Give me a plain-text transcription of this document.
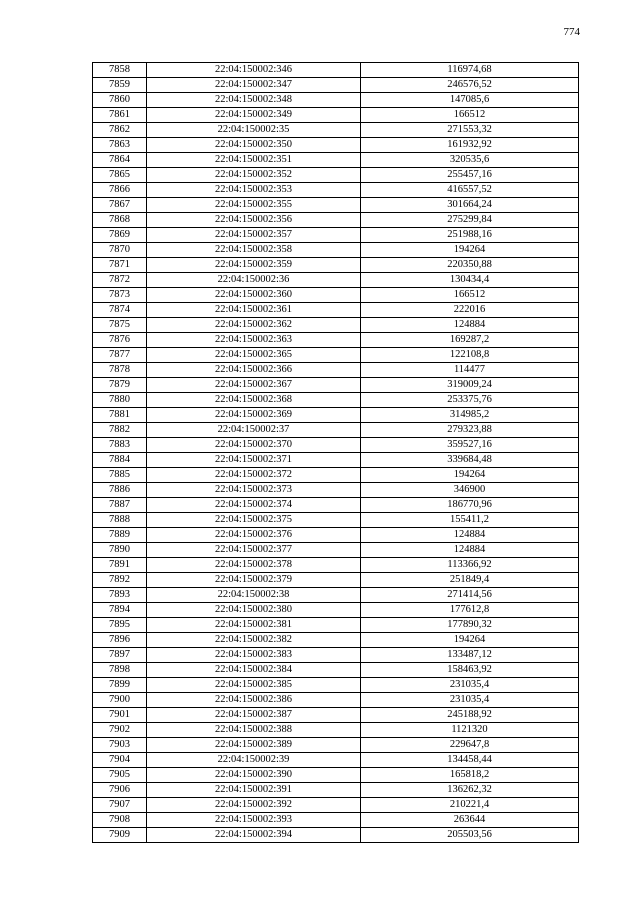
774
7858	22:04:150002:346	116974,68
7859	22:04:150002:347	246576,52
7860	22:04:150002:348	147085,6
7861	22:04:150002:349	166512
7862	22:04:150002:35	271553,32
7863	22:04:150002:350	161932,92
7864	22:04:150002:351	320535,6
7865	22:04:150002:352	255457,16
7866	22:04:150002:353	416557,52
7867	22:04:150002:355	301664,24
7868	22:04:150002:356	275299,84
7869	22:04:150002:357	251988,16
7870	22:04:150002:358	194264
7871	22:04:150002:359	220350,88
7872	22:04:150002:36	130434,4
7873	22:04:150002:360	166512
7874	22:04:150002:361	222016
7875	22:04:150002:362	124884
7876	22:04:150002:363	169287,2
7877	22:04:150002:365	122108,8
7878	22:04:150002:366	114477
7879	22:04:150002:367	319009,24
7880	22:04:150002:368	253375,76
7881	22:04:150002:369	314985,2
7882	22:04:150002:37	279323,88
7883	22:04:150002:370	359527,16
7884	22:04:150002:371	339684,48
7885	22:04:150002:372	194264
7886	22:04:150002:373	346900
7887	22:04:150002:374	186770,96
7888	22:04:150002:375	155411,2
7889	22:04:150002:376	124884
7890	22:04:150002:377	124884
7891	22:04:150002:378	113366,92
7892	22:04:150002:379	251849,4
7893	22:04:150002:38	271414,56
7894	22:04:150002:380	177612,8
7895	22:04:150002:381	177890,32
7896	22:04:150002:382	194264
7897	22:04:150002:383	133487,12
7898	22:04:150002:384	158463,92
7899	22:04:150002:385	231035,4
7900	22:04:150002:386	231035,4
7901	22:04:150002:387	245188,92
7902	22:04:150002:388	1121320
7903	22:04:150002:389	229647,8
7904	22:04:150002:39	134458,44
7905	22:04:150002:390	165818,2
7906	22:04:150002:391	136262,32
7907	22:04:150002:392	210221,4
7908	22:04:150002:393	263644
7909	22:04:150002:394	205503,56
